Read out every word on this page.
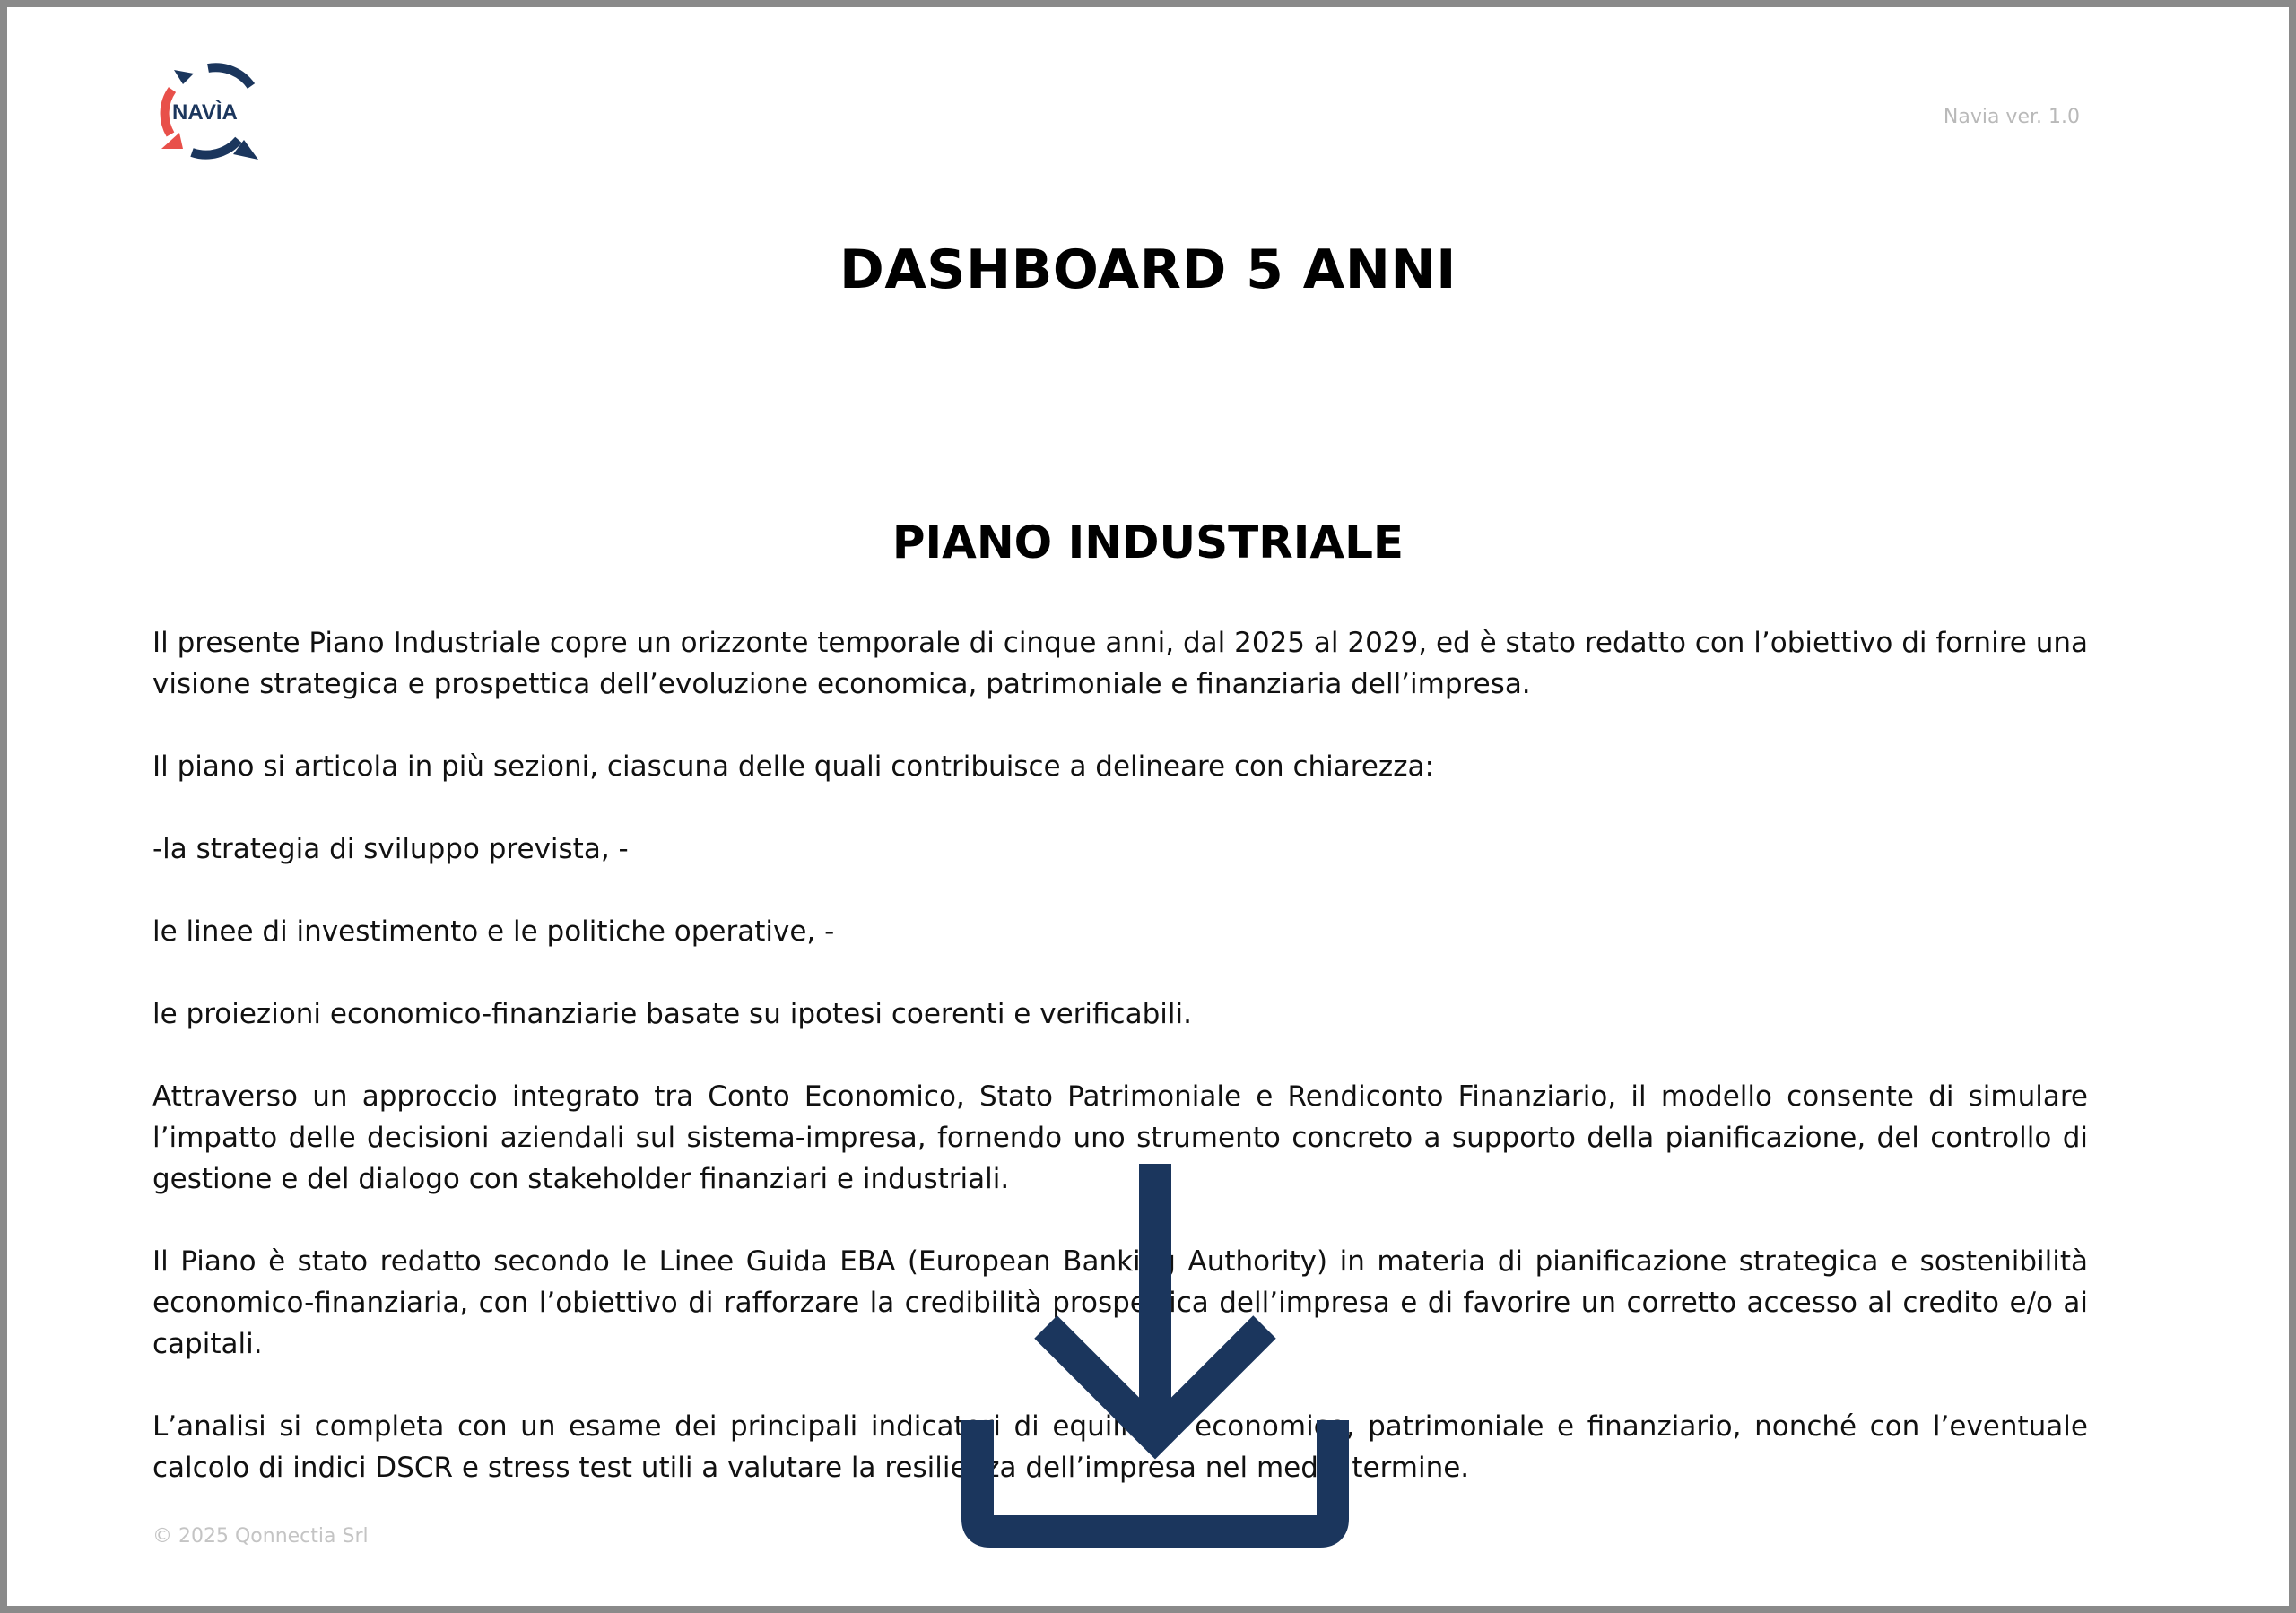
NAVÌA	Navia ver. 1.0
DASHBOARD 5 ANNI
PIANO INDUSTRIALE

Il presente Piano Industriale copre un orizzonte temporale di cinque anni, dal 2025 al 2029, ed è stato redatto con l’obiettivo di fornire una visione strategica e prospettica dell’evoluzione economica, patrimoniale e finanziaria dell’impresa.

Il piano si articola in più sezioni, ciascuna delle quali contribuisce a delineare con chiarezza:

-la strategia di sviluppo prevista, -

le linee di investimento e le politiche operative, -

le proiezioni economico-finanziarie basate su ipotesi coerenti e verificabili.

Attraverso un approccio integrato tra Conto Economico, Stato Patrimoniale e Rendiconto Finanziario, il modello consente di simulare l’impatto delle decisioni aziendali sul sistema-impresa, fornendo uno strumento concreto a supporto della pianificazione, del controllo di gestione e del dialogo con stakeholder finanziari e industriali.

Il Piano è stato redatto secondo le Linee Guida EBA (European Banking Authority) in materia di pianificazione strategica e sostenibilità economico-finanziaria, con l’obiettivo di rafforzare la credibilità prospettica dell’impresa e di favorire un corretto accesso al credito e/o ai capitali.

L’analisi si completa con un esame dei principali indicatori di equilibrio economico, patrimoniale e finanziario, nonché con l’eventuale calcolo di indici DSCR e stress test utili a valutare la resilienza dell’impresa nel medio termine.

© 2025 Qonnectia Srl	pag.
